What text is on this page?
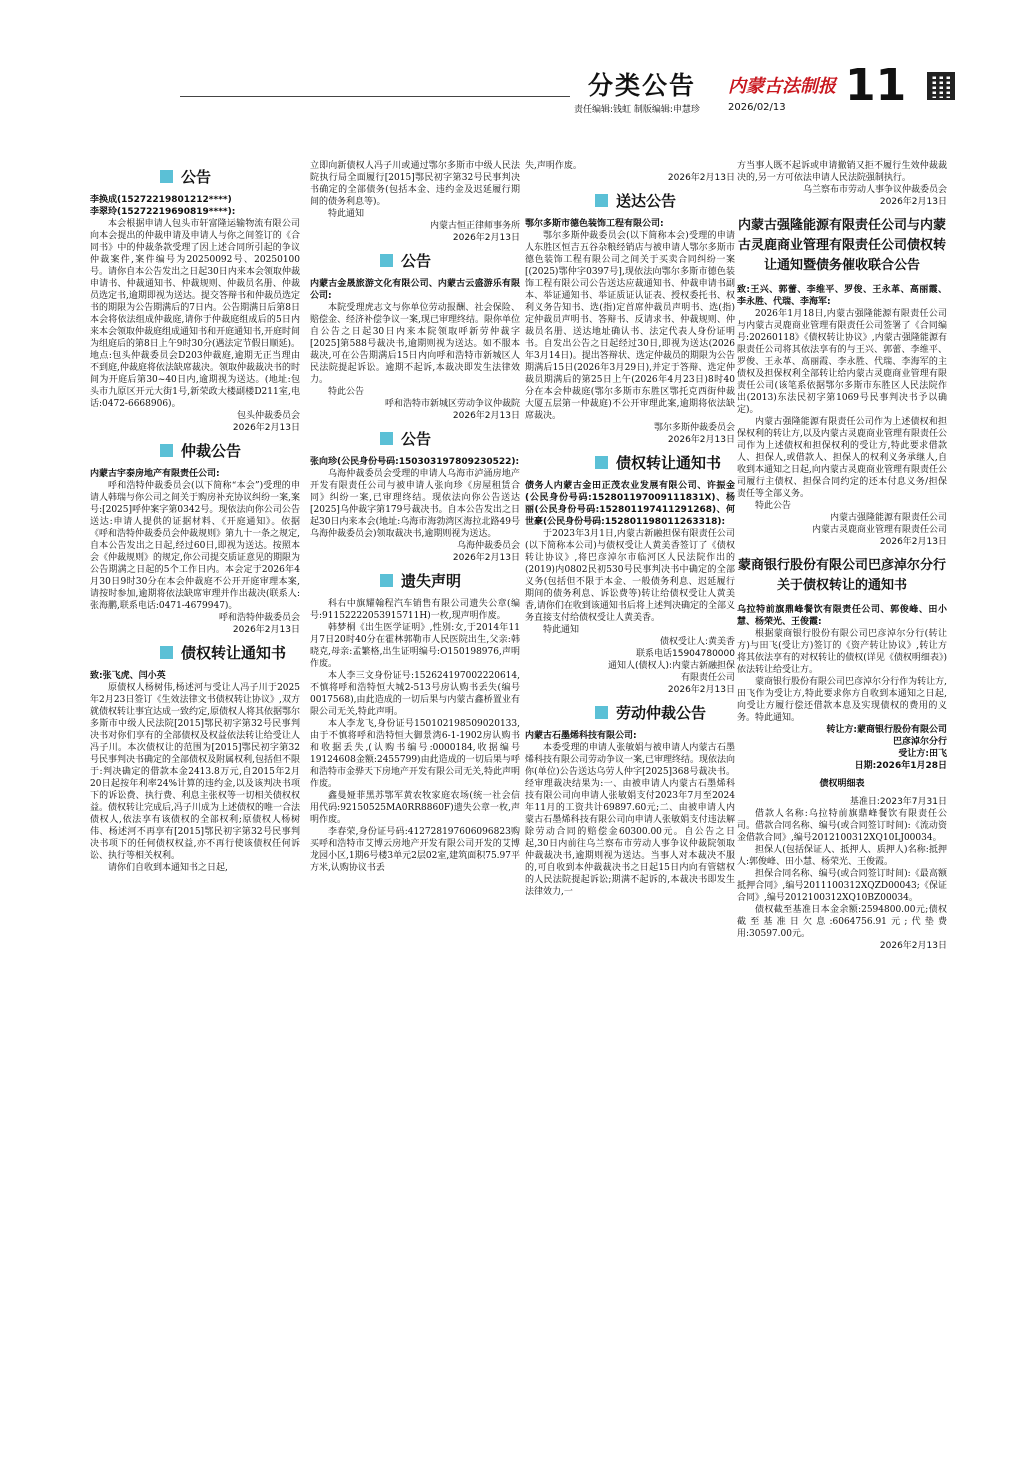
分类公告 内蒙古法制报 11
责任编辑:钱虹 制版编辑:申慧珍	2026/02/13
公告

李换成(15272219801212****)

李翠玲(15272219690819****):

本会根据申请人包头市轩富隆运输物流有限公司向本会提出的仲裁申请及申请人与你之间签订的《合同书》中的仲裁条款受理了因上述合同所引起的争议仲裁案件,案件编号为20250092号、20250100号。请你自本公告发出之日起30日内来本会领取仲裁申请书、仲裁通知书、仲裁规则、仲裁员名册、仲裁员选定书,逾期即视为送达。提交答辩书和仲裁员选定书的期限为公告期满后的7日内。公告期满日后第8日本会将依法组成仲裁庭,请你于仲裁庭组成后的5日内来本会领取仲裁庭组成通知书和开庭通知书,开庭时间为组庭后的第8日上午9时30分(遇法定节假日顺延)。地点:包头仲裁委员会D203仲裁庭,逾期无正当理由不到庭,仲裁庭将依法缺席裁决。领取仲裁裁决书的时间为开庭后第30~40日内,逾期视为送达。(地址:包头市九原区开元大街1号,新荣政大楼副楼D211室,电话:0472-6668906)。

包头仲裁委员会

2026年2月13日

仲裁公告

内蒙古宇泰房地产有限责任公司:

呼和浩特仲裁委员会(以下简称“本会”)受理的申请人韩瑞与你公司之间关于购房补充协议纠纷一案,案号:[2025]呼仲案字第0342号。现依法向你公司公告送达:申请人提供的证据材料、《开庭通知》。依据《呼和浩特仲裁委员会仲裁规则》第九十一条之规定,自本公告发出之日起,经过60日,即视为送达。按照本会《仲裁规则》的规定,你公司提交质证意见的期限为公告期满之日起的5个工作日内。本会定于2026年4月30日9时30分在本会仲裁庭不公开开庭审理本案,请按时参加,逾期将依法缺席审理并作出裁决(联系人:张海鹏,联系电话:0471-4679947)。

呼和浩特仲裁委员会

2026年2月13日

债权转让通知书

致:张飞虎、闫小英

原债权人杨树伟,杨述河与受让人冯子川于2025年2月23日签订《生效法律文书债权转让协议》,双方就债权转让事宜达成一致约定,原债权人将其依据鄂尔多斯市中级人民法院[2015]鄂民初字第32号民事判决书对你们享有的全部债权及权益依法转让给受让人冯子川。本次债权让的范围为[2015]鄂民初字第32号民事判决书确定的全部债权及附属权利,包括但不限于:判决确定的借款本金2413.8万元,自2015年2月20日起按年利率24%计算的违约金,以及该判决书项下的诉讼费、执行费、利息主张权等一切相关债权权益。债权转让完成后,冯子川成为上述债权的唯一合法债权人,依法享有该债权的全部权利;原债权人杨树伟、杨述河不再享有[2015]鄂民初字第32号民事判决书项下的任何债权权益,亦不再行使该债权任何诉讼、执行等相关权利。

请你们自收到本通知书之日起,

立即向新债权人冯子川或通过鄂尔多斯市中级人民法院执行局全面履行[2015]鄂民初字第32号民事判决书确定的全部债务(包括本金、违约金及迟延履行期间的债务利息等)。

特此通知

内蒙古恒正律师事务所

2026年2月13日

公告

内蒙古金晟旅游文化有限公司、内蒙古云盛游乐有限公司:

本院受理虎志文与你单位劳动报酬、社会保险、赔偿金、经济补偿争议一案,现已审理终结。限你单位自公告之日起30日内来本院领取呼新劳仲裁字[2025]第588号裁决书,逾期则视为送达。如不服本裁决,可在公告期满后15日内向呼和浩特市新城区人民法院提起诉讼。逾期不起诉,本裁决即发生法律效力。

特此公告

呼和浩特市新城区劳动争议仲裁院

2026年2月13日

公告

张向珍(公民身份号码:150303197809230522):

乌海仲裁委员会受理的申请人乌海市泸涌房地产开发有限责任公司与被申请人张向珍《房屋租赁合同》纠纷一案,已审理终结。现依法向你公告送达[2025]乌仲裁字第179号裁决书。自本公告发出之日起30日内来本会(地址:乌海市海勃湾区海拉北路49号乌海仲裁委员会)领取裁决书,逾期则视为送达。

乌海仲裁委员会

2026年2月13日

遗失声明

科右中旗耀翰程汽车销售有限公司遗失公章(编号:91152222053915711H)一枚,现声明作废。

韩梦桐《出生医学证明》,性别:女,于2014年11月7日20时40分在霍林郭勒市人民医院出生,父亲:韩晓克,母亲:孟繁格,出生证明编号:O150198976,声明作废。

本人李三文身份证号:152624197002220614,不慎将呼和浩特恒大城2-513号房认购书丢失(编号0017568),由此造成的一切后果与内蒙古鑫桥置业有限公司无关,特此声明。

本人李龙飞,身份证号150102198509020133,由于不慎将呼和浩特恒大御景湾6-1-1902房认购书和收据丢失,(认购书编号:0000184,收据编号19124608金额:2455799)由此造成的一切后果与呼和浩特市金骅天下房地产开发有限公司无关,特此声明作废。

鑫曼娅菲黑苏鄂军黄农牧家庭农场(统一社会信用代码:92150525MA0RR8860F)遗失公章一枚,声明作废。

李春荣,身份证号码:412728197606096823购买呼和浩特市艾博云房地产开发有限公司开发的艾博龙园小区,1期6号楼3单元2层02室,建筑面积75.97平方米,认购协议书丢

失,声明作废。

2026年2月13日

送达公告

鄂尔多斯市德色装饰工程有限公司:

鄂尔多斯仲裁委员会(以下简称本会)受理的申请人东胜区恒吉五谷杂粮经销店与被申请人鄂尔多斯市德色装饰工程有限公司之间关于买卖合同纠纷一案[(2025)鄂仲字0397号],现依法向鄂尔多斯市德色装饰工程有限公司公告送达应裁通知书、仲裁申请书副本、举证通知书、举证质证认证表、授权委托书、权利义务告知书、选(指)定首席仲裁员声明书、选(指)定仲裁员声明书、答辩书、反请求书、仲裁规则、仲裁员名册、送达地址确认书、法定代表人身份证明书。自发出公告之日起经过30日,即视为送达(2026年3月14日)。提出答辩状、选定仲裁员的期限为公告期满后15日(2026年3月29日),并定于答辩、选定仲裁员期满后的第25日上午(2026年4月23日)8时40分在本会仲裁庭(鄂尔多斯市东胜区鄂托克西街仲裁大厦五层第一仲裁庭)不公开审理此案,逾期将依法缺席裁决。

鄂尔多斯仲裁委员会

2026年2月13日

债权转让通知书

债务人内蒙古金田正茂农业发展有限公司、许振金(公民身份号码:152801197009111831X)、杨丽(公民身份号码:152801197411291268)、何世豪(公民身份号码:152801198011263318):

于2023年3月1日,内蒙古新融担保有限责任公司(以下简称本公司)与债权受让人黄美香签订了《债权转让协议》,将巴彦淖尔市临河区人民法院作出的(2019)内0802民初530号民事判决书中确定的全部义务(包括但不限于本金、一般债务利息、迟延履行期间的债务利息、诉讼费等)转让给债权受让人黄美香,请你们在收到该通知书后将上述判决确定的全部义务直接支付给债权受让人黄美香。

特此通知

债权受让人:黄美香

联系电话15904780000

通知人(债权人):内蒙古新融担保

有限责任公司

2026年2月13日

劳动仲裁公告

内蒙古石墨烯科技有限公司:

本委受理的申请人张敏娟与被申请人内蒙古石墨烯科技有限公司劳动争议一案,已审理终结。现依法向你(单位)公告送达乌劳人仲字[2025]368号裁决书。经审理裁决结果为:一、由被申请人内蒙古石墨烯科技有限公司向申请人张敏娟支付2023年7月至2024年11月的工资共计69897.60元;二、由被申请人内蒙古石墨烯科技有限公司向申请人张敏娟支付违法解除劳动合同的赔偿金60300.00元。自公告之日起,30日内前往乌兰察布市劳动人事争议仲裁院领取仲裁裁决书,逾期则视为送达。当事人对本裁决不服的,可自收到本仲裁裁决书之日起15日内向有管辖权的人民法院提起诉讼;期满不起诉的,本裁决书即发生法律效力,一

方当事人既不起诉或申请撤销又拒不履行生效仲裁裁决的,另一方可依法申请人民法院强制执行。

乌兰察布市劳动人事争议仲裁委员会

2026年2月13日

内蒙古强隆能源有限责任公司与内蒙古灵鹿商业管理有限责任公司债权转让通知暨债务催收联合公告

致:王兴、郭蕾、李维平、罗俊、王永革、高丽霞、李永胜、代瑞、李海军:

2026年1月18日,内蒙古强隆能源有限责任公司与内蒙古灵鹿商业管理有限责任公司签署了《合同编号:20260118》《债权转让协议》,内蒙古强隆能源有限责任公司将其依法享有的与王兴、郭蕾、李维平、罗俊、王永革、高丽霞、李永胜、代瑞、李海军的主债权及担保权利全部转让给内蒙古灵鹿商业管理有限责任公司(该笔系依据鄂尔多斯市东胜区人民法院作出(2013)东法民初字第1069号民事判决书予以确定)。

内蒙古强隆能源有限责任公司作为上述债权和担保权利的转让方,以及内蒙古灵鹿商业管理有限责任公司作为上述债权和担保权利的受让方,特此要求借款人、担保人,或借款人、担保人的权利义务承继人,自收到本通知之日起,向内蒙古灵鹿商业管理有限责任公司履行主债权、担保合同约定的还本付息义务/担保责任等全部义务。

特此公告

内蒙古强隆能源有限责任公司

内蒙古灵鹿商业管理有限责任公司

2026年2月13日

蒙商银行股份有限公司巴彦淖尔分行关于债权转让的通知书

乌拉特前旗鼎峰餐饮有限责任公司、郭俊峰、田小慧、杨荣光、王俊霞:

根据蒙商银行股份有限公司巴彦淖尔分行(转让方)与田飞(受让方)签订的《资产转让协议》,转让方将其依法享有的对权转让的债权(详见《债权明细表》)依法转让给受让方。

蒙商银行股份有限公司巴彦淖尔分行作为转让方,田飞作为受让方,特此要求你方自收到本通知之日起,向受让方履行偿还借款本息及实现债权的费用的义务。特此通知。

转让方:蒙商银行股份有限公司

巴彦淖尔分行

受让方:田飞

日期:2026年1月28日

债权明细表

基准日:2023年7月31日

借款人名称:乌拉特前旗鼎峰餐饮有限责任公司。借款合同名称、编号(或合同签订时间):《流动资金借款合同》,编号2012100312XQ10LJ00034。

担保人(包括保证人、抵押人、质押人)名称:抵押人:郭俊峰、田小慧、杨荣光、王俊霞。

担保合同名称、编号(或合同签订时间):《最高额抵押合同》,编号2011100312XQZD00043;《保证合同》,编号2012100312XQ10BZ00034。

债权截至基准日本金余额:2594800.00元;债权截至基准日欠息:6064756.91元;代垫费用:30597.00元。

2026年2月13日
